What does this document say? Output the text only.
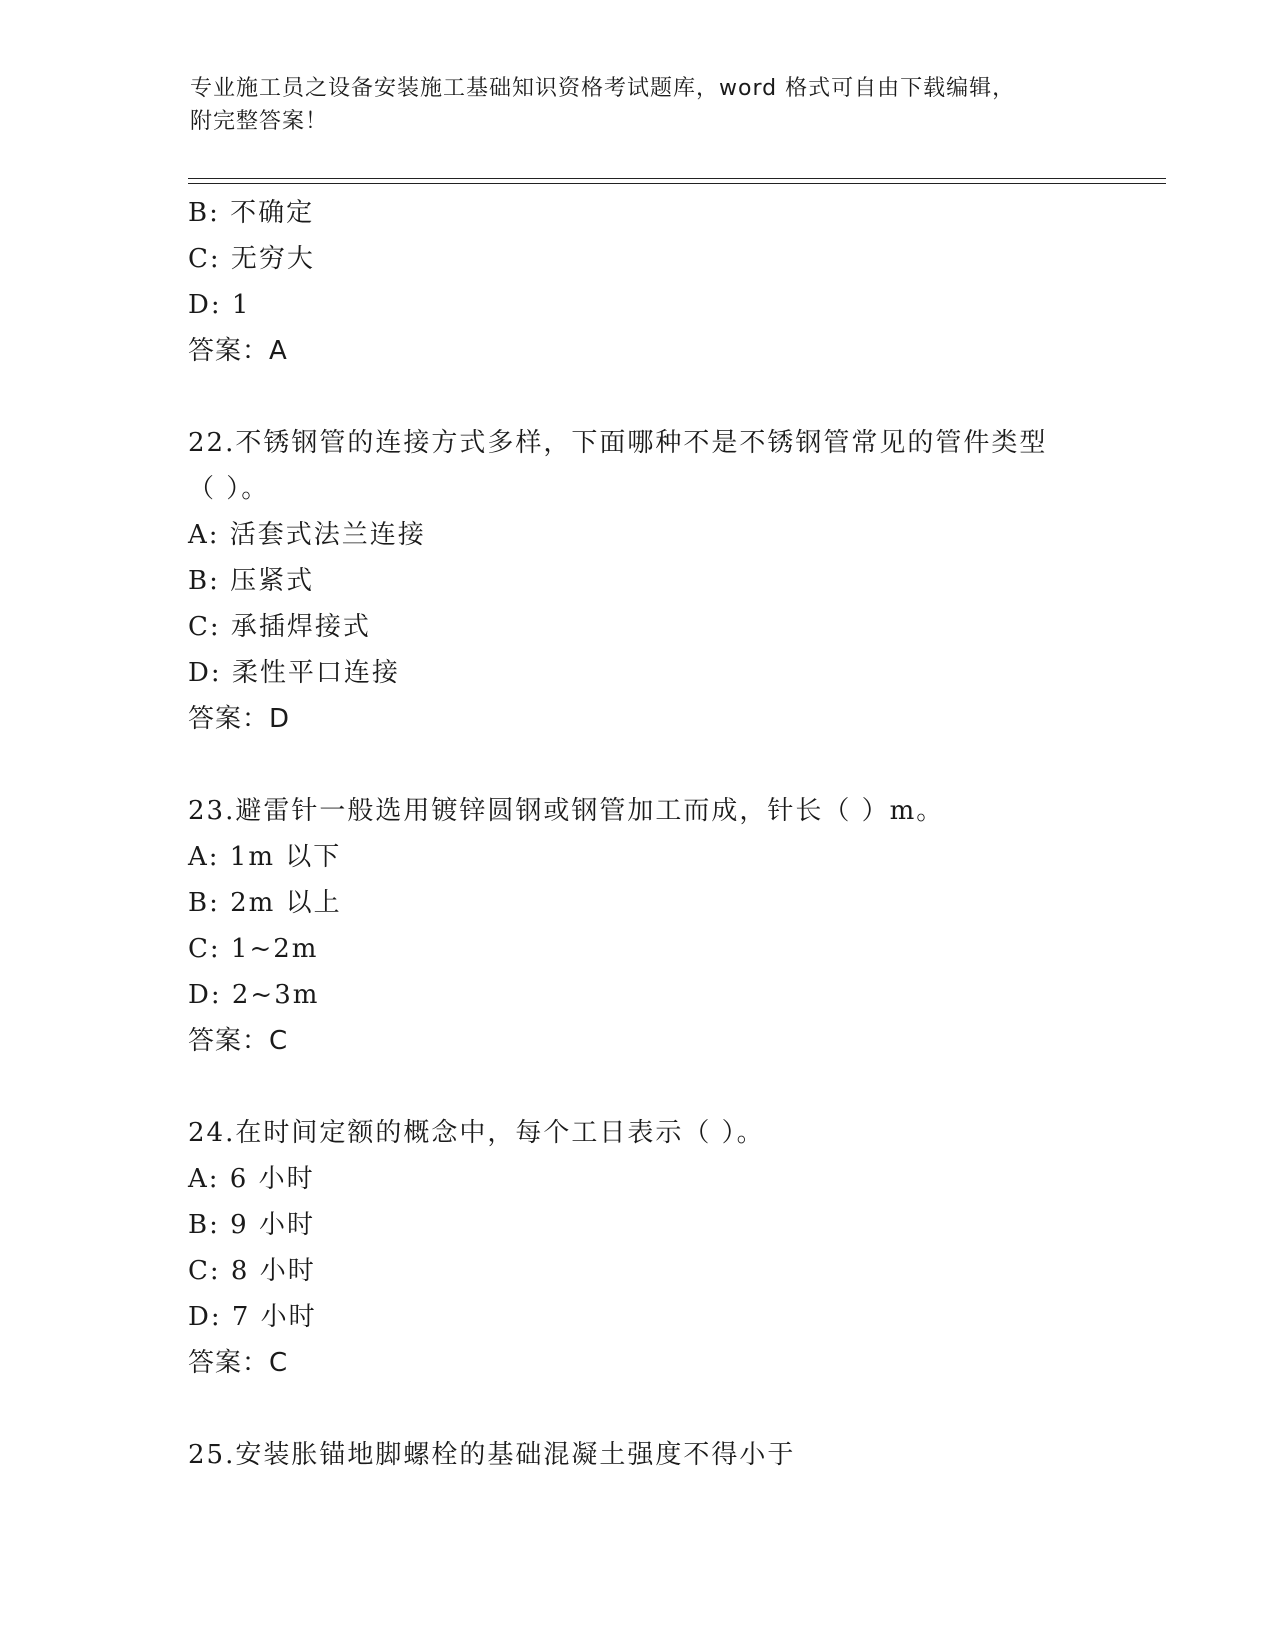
专业施工员之设备安装施工基础知识资格考试题库，word 格式可自由下载编辑，
附完整答案！
B: 不确定
C: 无穷大
D: 1
答案：A
22.不锈钢管的连接方式多样，下面哪种不是不锈钢管常见的管件类型
（ ）。
A: 活套式法兰连接
B: 压紧式
C: 承插焊接式
D: 柔性平口连接
答案：D
23.避雷针一般选用镀锌圆钢或钢管加工而成，针长（ ）m。
A: 1m 以下
B: 2m 以上
C: 1~2m
D: 2~3m
答案：C
24.在时间定额的概念中，每个工日表示（ ）。
A: 6 小时
B: 9 小时
C: 8 小时
D: 7 小时
答案：C
25.安装胀锚地脚螺栓的基础混凝土强度不得小于
